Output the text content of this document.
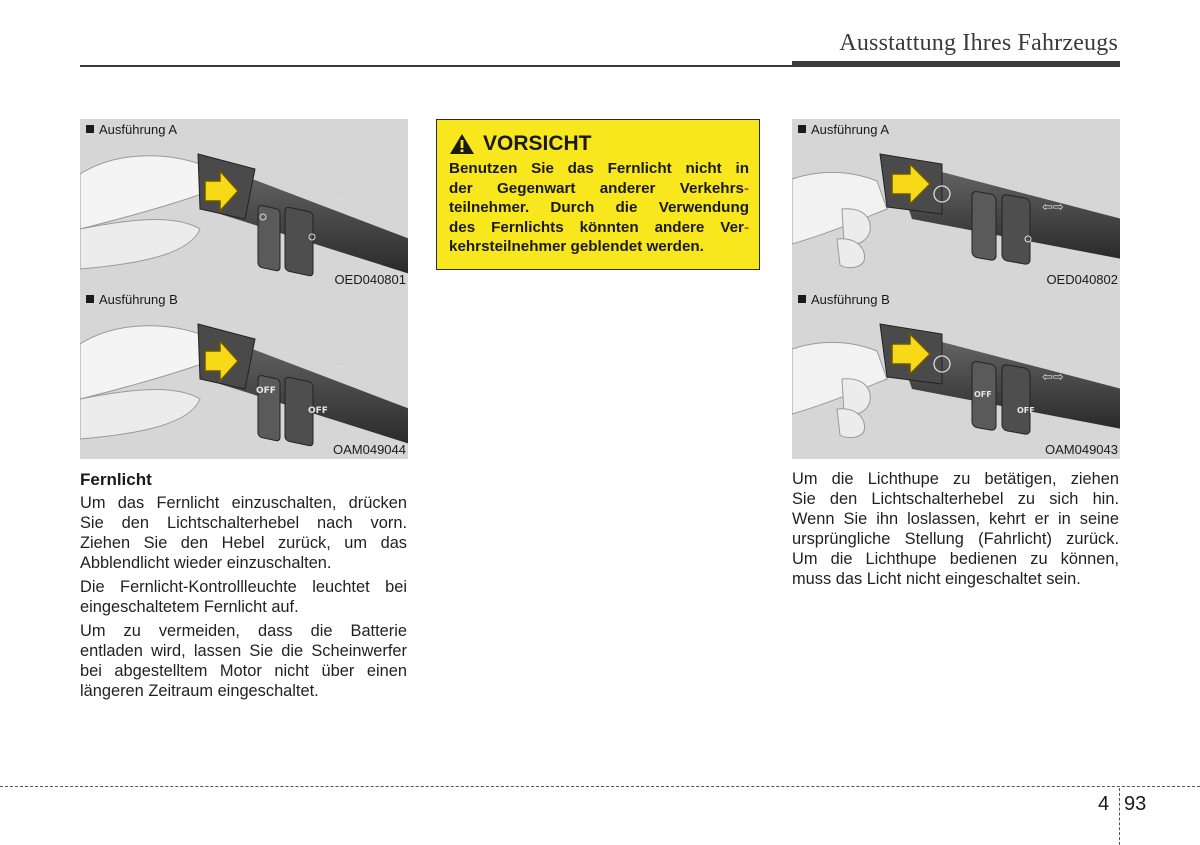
Ausstattung Ihres Fahrzeugs
⇦⇨
Ausführung A
OED040801
OFF
OFF
⇦⇨
Ausführung B
OAM049044
VORSICHT
Benutzen Sie das Fernlicht nicht in
der Gegenwart anderer Verkehrs-
teilnehmer. Durch die Verwendung
des Fernlichts könnten andere Ver-
kehrsteilnehmer geblendet werden.
⇦⇨
Ausführung A
OED040802
OFF
OFF
⇦⇨
Ausführung B
OAM049043
Fernlicht

Um das Fernlicht einzuschalten, drücken
Sie den Lichtschalterhebel nach vorn.
Ziehen Sie den Hebel zurück, um das
Abblendlicht wieder einzuschalten.

Die Fernlicht-Kontrollleuchte leuchtet bei
eingeschaltetem Fernlicht auf.

Um zu vermeiden, dass die Batterie
entladen wird, lassen Sie die Scheinwerfer
bei abgestelltem Motor nicht über einen
längeren Zeitraum eingeschaltet.

Um die Lichthupe zu betätigen, ziehen
Sie den Lichtschalterhebel zu sich hin.
Wenn Sie ihn loslassen, kehrt er in seine
ursprüngliche Stellung (Fahrlicht) zurück.
Um die Lichthupe bedienen zu können,
muss das Licht nicht eingeschaltet sein.

4 93
